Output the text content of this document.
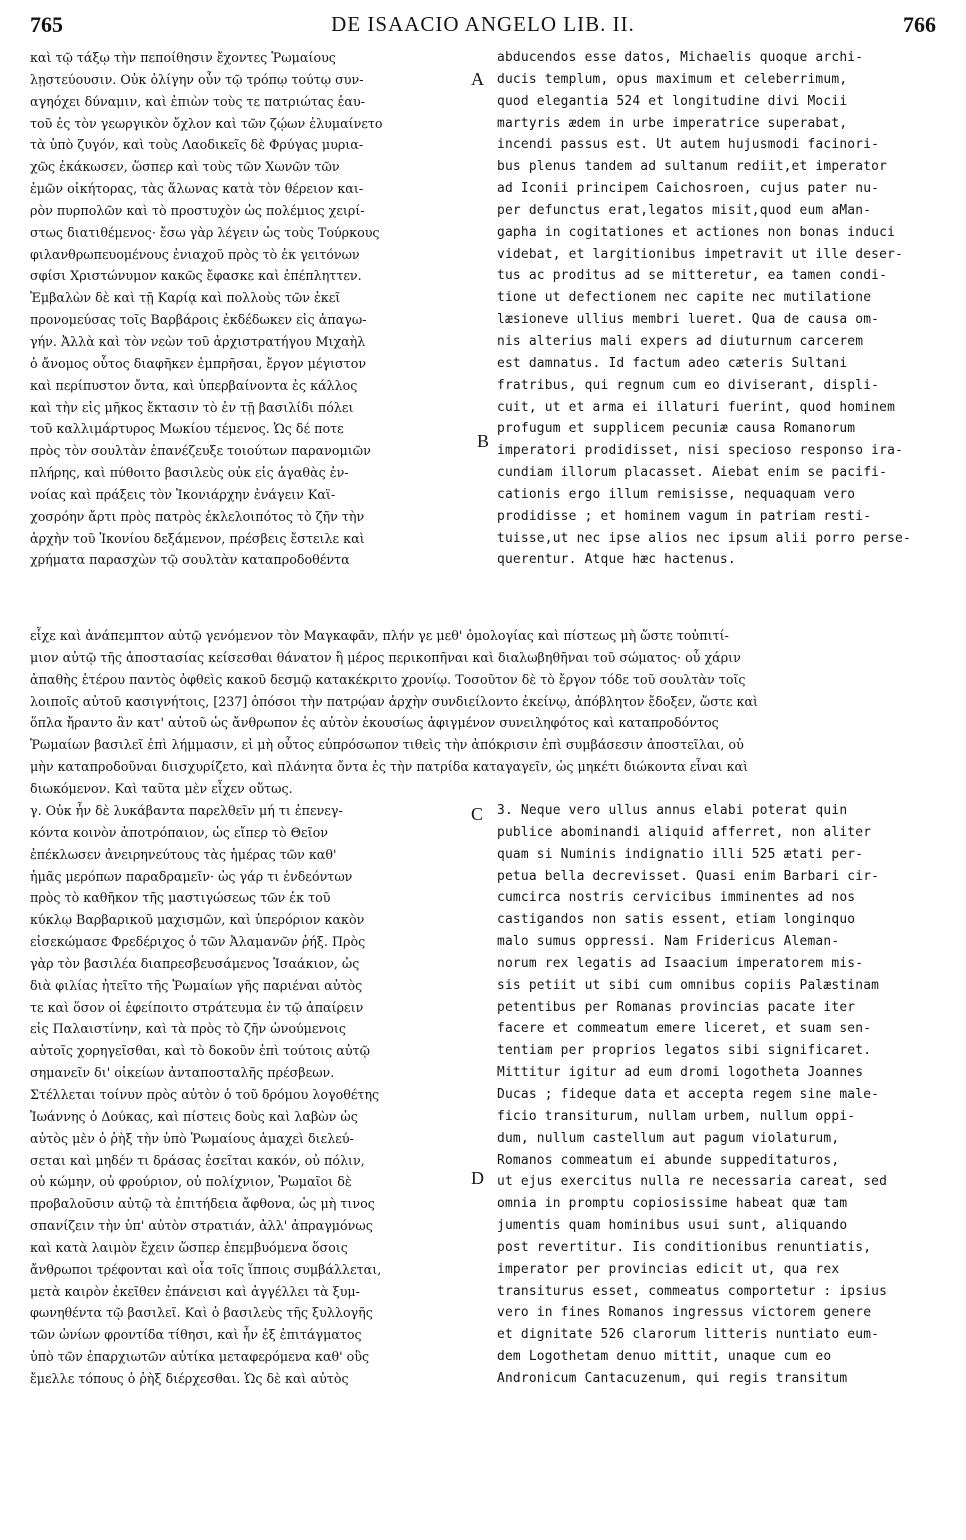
765	DE ISAACIO ANGELO LIB. II.	766
καὶ τῷ τάξῳ τὴν πεποίθησιν ἔχοντες Ῥωμαίους
λῃστεύουσιν. Οὐκ ὀλίγην οὖν τῷ τρόπῳ τούτῳ συν-
αγηόχει δύναμιν, καὶ ἐπιὼν τοὺς τε πατριώτας ἑαυ-
τοῦ ἐς τὸν γεωργικὸν ὄχλον καὶ τῶν ζῴων ἐλυμαίνετο
τὰ ὑπὸ ζυγόν, καὶ τοὺς Λαοδικεῖς δὲ Φρύγας μυρια-
χῶς ἐκάκωσεν, ὥσπερ καὶ τοὺς τῶν Χωνῶν τῶν
ἐμῶν οἰκήτορας, τὰς ἅλωνας κατὰ τὸν θέρειον και-
ρὸν πυρπολῶν καὶ τὸ προστυχὸν ὡς πολέμιος χειρί-
στως διατιθέμενος· ἔσω γὰρ λέγειν ὡς τοὺς Τούρκους
φιλανθρωπευομένους ἐνιαχοῦ πρὸς τὸ ἐκ γειτόνων
σφίσι Χριστώνυμον κακῶς ἔφασκε καὶ ἐπέπληττεν.
Ἐμβαλὼν δὲ καὶ τῇ Καρίᾳ καὶ πολλοὺς τῶν ἐκεῖ
προνομεύσας τοῖς Βαρβάροις ἐκδέδωκεν εἰς ἀπαγω-
γήν. Ἀλλὰ καὶ τὸν νεὼν τοῦ ἀρχιστρατήγου Μιχαὴλ
ὁ ἄνομος οὗτος διαφῆκεν ἐμπρῆσαι, ἔργον μέγιστον
καὶ περίπυστον ὄντα, καὶ ὑπερβαίνοντα ἐς κάλλος
καὶ τὴν εἰς μῆκος ἔκτασιν τὸ ἐν τῇ βασιλίδι πόλει
τοῦ καλλιμάρτυρος Μωκίου τέμενος. Ὡς δέ ποτε
πρὸς τὸν σουλτὰν ἐπανέζευξε τοιούτων παρανομιῶν
πλήρης, καὶ πύθοιτο βασιλεὺς οὐκ εἰς ἀγαθὰς ἐν-
νοίας καὶ πράξεις τὸν Ἰκονιάρχην ἐνάγειν Καϊ-
χοσρόην ἄρτι πρὸς πατρὸς ἐκλελοιπότος τὸ ζῆν τὴν
ἀρχὴν τοῦ Ἰκονίου δεξάμενον, πρέσβεις ἔστειλε καὶ
χρήματα παρασχὼν τῷ σουλτὰν καταπροδοθέντα
abducendos esse datos, Michaelis quoque archi-
ducis templum, opus maximum et celeberrimum,
quod elegantia 524 et longitudine divi Mocii
martyris ædem in urbe imperatrice superabat,
incendi passus est. Ut autem hujusmodi facinori-
bus plenus tandem ad sultanum rediit,et imperator
ad Iconii principem Caichosroen, cujus pater nu-
per defunctus erat,legatos misit,quod eum aMan-
gapha in cogitationes et actiones non bonas induci
videbat, et largitionibus impetravit ut ille deser-
tus ac proditus ad se mitteretur, ea tamen condi-
tione ut defectionem nec capite nec mutilatione
læsioneve ullius membri lueret. Qua de causa om-
nis alterius mali expers ad diuturnum carcerem
est damnatus. Id factum adeo cæteris Sultani
fratribus, qui regnum cum eo diviserant, displi-
cuit, ut et arma ei illaturi fuerint, quod hominem
profugum et supplicem pecuniæ causa Romanorum
imperatori prodidisset, nisi specioso responso ira-
cundiam illorum placasset. Aiebat enim se pacifi-
cationis ergo illum remisisse, nequaquam vero
prodidisse ; et hominem vagum in patriam resti-
tuisse,ut nec ipse alios nec ipsum alii porro perse-
querentur. Atque hæc hactenus.
εἶχε καὶ ἀνάπεμπτον αὐτῷ γενόμενον τὸν Μαγκαφᾶν, πλήν γε μεθ' ὁμολογίας καὶ πίστεως μὴ ὥστε τοὐπιτί-
μιον αὐτῷ τῆς ἀποστασίας κείσεσθαι θάνατον ἢ μέρος περικοπῆναι καὶ διαλωβηθῆναι τοῦ σώματος· οὗ χάριν
ἀπαθὴς ἑτέρου παντὸς ὀφθεὶς κακοῦ δεσμῷ κατακέκριτο χρονίῳ. Τοσοῦτον δὲ τὸ ἔργον τόδε τοῦ σουλτὰν τοῖς
λοιποῖς αὐτοῦ κασιγνήτοις, [237] ὁπόσοι τὴν πατρῴαν ἀρχὴν συνδιείλοντο ἐκείνῳ, ἀπόβλητον ἔδοξεν, ὥστε καὶ
ὅπλα ἤραντο ἂν κατ' αὐτοῦ ὡς ἄνθρωπον ἐς αὐτὸν ἑκουσίως ἀφιγμένον συνειληφότος καὶ καταπροδόντος
Ῥωμαίων βασιλεῖ ἐπὶ λήμμασιν, εἰ μὴ οὗτος εὐπρόσωπον τιθεὶς τὴν ἀπόκρισιν ἐπὶ συμβάσεσιν ἀποστεῖλαι, οὐ
μὴν καταπροδοῦναι διισχυρίζετο, καὶ πλάνητα ὄντα ἐς τὴν πατρίδα καταγαγεῖν, ὡς μηκέτι διώκοντα εἶναι καὶ
διωκόμενον. Καὶ ταῦτα μὲν εἶχεν οὕτως.
γ. Οὐκ ἦν δὲ λυκάβαντα παρελθεῖν μή τι ἐπενεγ-
κόντα κοινὸν ἀποτρόπαιον, ὡς εἴπερ τὸ Θεῖον
ἐπέκλωσεν ἀνειρηνεύτους τὰς ἡμέρας τῶν καθ'
ἡμᾶς μερόπων παραδραμεῖν· ὡς γάρ τι ἐνδεόντων
πρὸς τὸ καθῆκον τῆς μαστιγώσεως τῶν ἐκ τοῦ
κύκλῳ Βαρβαρικοῦ μαχισμῶν, καὶ ὑπερόριον κακὸν
εἰσεκώμασε Φρεδέριχος ὁ τῶν Ἀλαμανῶν ῥήξ. Πρὸς
γὰρ τὸν βασιλέα διαπρεσβευσάμενος Ἰσαάκιον, ὡς
διὰ φιλίας ἠτεῖτο τῆς Ῥωμαίων γῆς παριέναι αὐτὸς
τε καὶ ὅσον οἱ ἐφείποιτο στράτευμα ἐν τῷ ἀπαίρειν
εἰς Παλαιστίνην, καὶ τὰ πρὸς τὸ ζῆν ὠνούμενοις
αὐτοῖς χορηγεῖσθαι, καὶ τὸ δοκοῦν ἐπὶ τούτοις αὐτῷ
σημανεῖν δι' οἰκείων ἀνταποσταλῆς πρέσβεων.
Στέλλεται τοίνυν πρὸς αὐτὸν ὁ τοῦ δρόμου λογοθέτης
Ἰωάννης ὁ Δούκας, καὶ πίστεις δοὺς καὶ λαβὼν ὡς
αὐτὸς μὲν ὁ ῥὴξ τὴν ὑπὸ Ῥωμαίους ἀμαχεὶ διελεύ-
σεται καὶ μηδέν τι δράσας ἐσεῖται κακόν, οὐ πόλιν,
οὐ κώμην, οὐ φρούριον, οὐ πολίχνιον, Ῥωμαῖοι δὲ
προβαλοῦσιν αὐτῷ τὰ ἐπιτήδεια ἄφθονα, ὡς μὴ τινος
σπανίζειν τὴν ὑπ' αὐτὸν στρατιάν, ἀλλ' ἀπραγμόνως
καὶ κατὰ λαιμὸν ἔχειν ὥσπερ ἐπεμβυόμενα ὅσοις
ἄνθρωποι τρέφονται καὶ οἷα τοῖς ἵπποις συμβάλλεται,
μετὰ καιρὸν ἐκεῖθεν ἐπάνεισι καὶ ἀγγέλλει τὰ ξυμ-
φωνηθέντα τῷ βασιλεῖ. Καὶ ὁ βασιλεὺς τῆς ξυλλογῆς
τῶν ὠνίων φροντίδα τίθησι, καὶ ἦν ἐξ ἐπιτάγματος
ὑπὸ τῶν ἐπαρχιωτῶν αὐτίκα μεταφερόμενα καθ' οὓς
ἔμελλε τόπους ὁ ῥὴξ διέρχεσθαι. Ὡς δὲ καὶ αὐτὸς
3. Neque vero ullus annus elabi poterat quin
publice abominandi aliquid afferret, non aliter
quam si Numinis indignatio illi 525 ætati per-
petua bella decrevisset. Quasi enim Barbari cir-
cumcirca nostris cervicibus imminentes ad nos
castigandos non satis essent, etiam longinquo
malo sumus oppressi. Nam Fridericus Aleman-
norum rex legatis ad Isaacium imperatorem mis-
sis petiit ut sibi cum omnibus copiis Palæstinam
petentibus per Romanas provincias pacate iter
facere et commeatum emere liceret, et suam sen-
tentiam per proprios legatos sibi significaret.
Mittitur igitur ad eum dromi logotheta Joannes
Ducas ; fideque data et accepta regem sine male-
ficio transiturum, nullam urbem, nullum oppi-
dum, nullum castellum aut pagum violaturum,
Romanos commeatum ei abunde suppeditaturos,
ut ejus exercitus nulla re necessaria careat, sed
omnia in promptu copiosissime habeat quæ tam
jumentis quam hominibus usui sunt, aliquando
post revertitur. Iis conditionibus renuntiatis,
imperator per provincias edicit ut, qua rex
transiturus esset, commeatus comportetur : ipsius
vero in fines Romanos ingressus victorem genere
et dignitate 526 clarorum litteris nuntiato eum-
dem Logothetam denuo mittit, unaque cum eo
Andronicum Cantacuzenum, qui regis transitum
A
B
C
D
